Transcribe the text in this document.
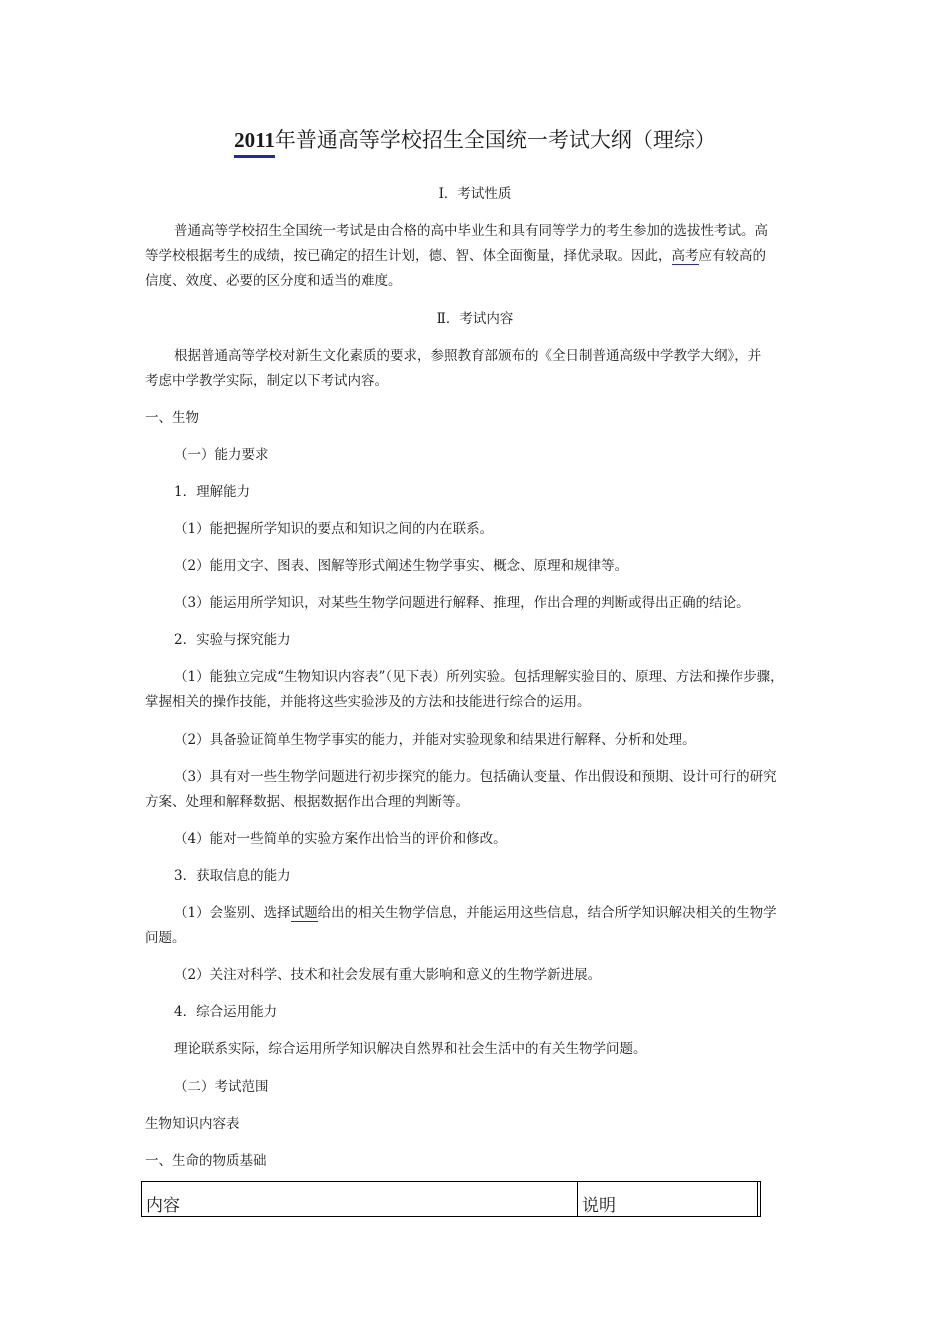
2011年普通高等学校招生全国统一考试大纲（理综）
Ⅰ．考试性质
普通高等学校招生全国统一考试是由合格的高中毕业生和具有同等学力的考生参加的选拔性考试。高
等学校根据考生的成绩，按已确定的招生计划，德、智、体全面衡量，择优录取。因此，高考应有较高的
信度、效度、必要的区分度和适当的难度。
Ⅱ．考试内容
根据普通高等学校对新生文化素质的要求，参照教育部颁布的《全日制普通高级中学教学大纲》，并
考虑中学教学实际，制定以下考试内容。
一、生物
（一）能力要求
1．理解能力
（1）能把握所学知识的要点和知识之间的内在联系。
（2）能用文字、图表、图解等形式阐述生物学事实、概念、原理和规律等。
（3）能运用所学知识，对某些生物学问题进行解释、推理，作出合理的判断或得出正确的结论。
2．实验与探究能力
（1）能独立完成“生物知识内容表”（见下表）所列实验。包括理解实验目的、原理、方法和操作步骤，
掌握相关的操作技能，并能将这些实验涉及的方法和技能进行综合的运用。
（2）具备验证简单生物学事实的能力，并能对实验现象和结果进行解释、分析和处理。
（3）具有对一些生物学问题进行初步探究的能力。包括确认变量、作出假设和预期、设计可行的研究
方案、处理和解释数据、根据数据作出合理的判断等。
（4）能对一些简单的实验方案作出恰当的评价和修改。
3．获取信息的能力
（1）会鉴别、选择试题给出的相关生物学信息，并能运用这些信息，结合所学知识解决相关的生物学
问题。
（2）关注对科学、技术和社会发展有重大影响和意义的生物学新进展。
4．综合运用能力
理论联系实际，综合运用所学知识解决自然界和社会生活中的有关生物学问题。
（二）考试范围
生物知识内容表
一、生命的物质基础
内容	说明
